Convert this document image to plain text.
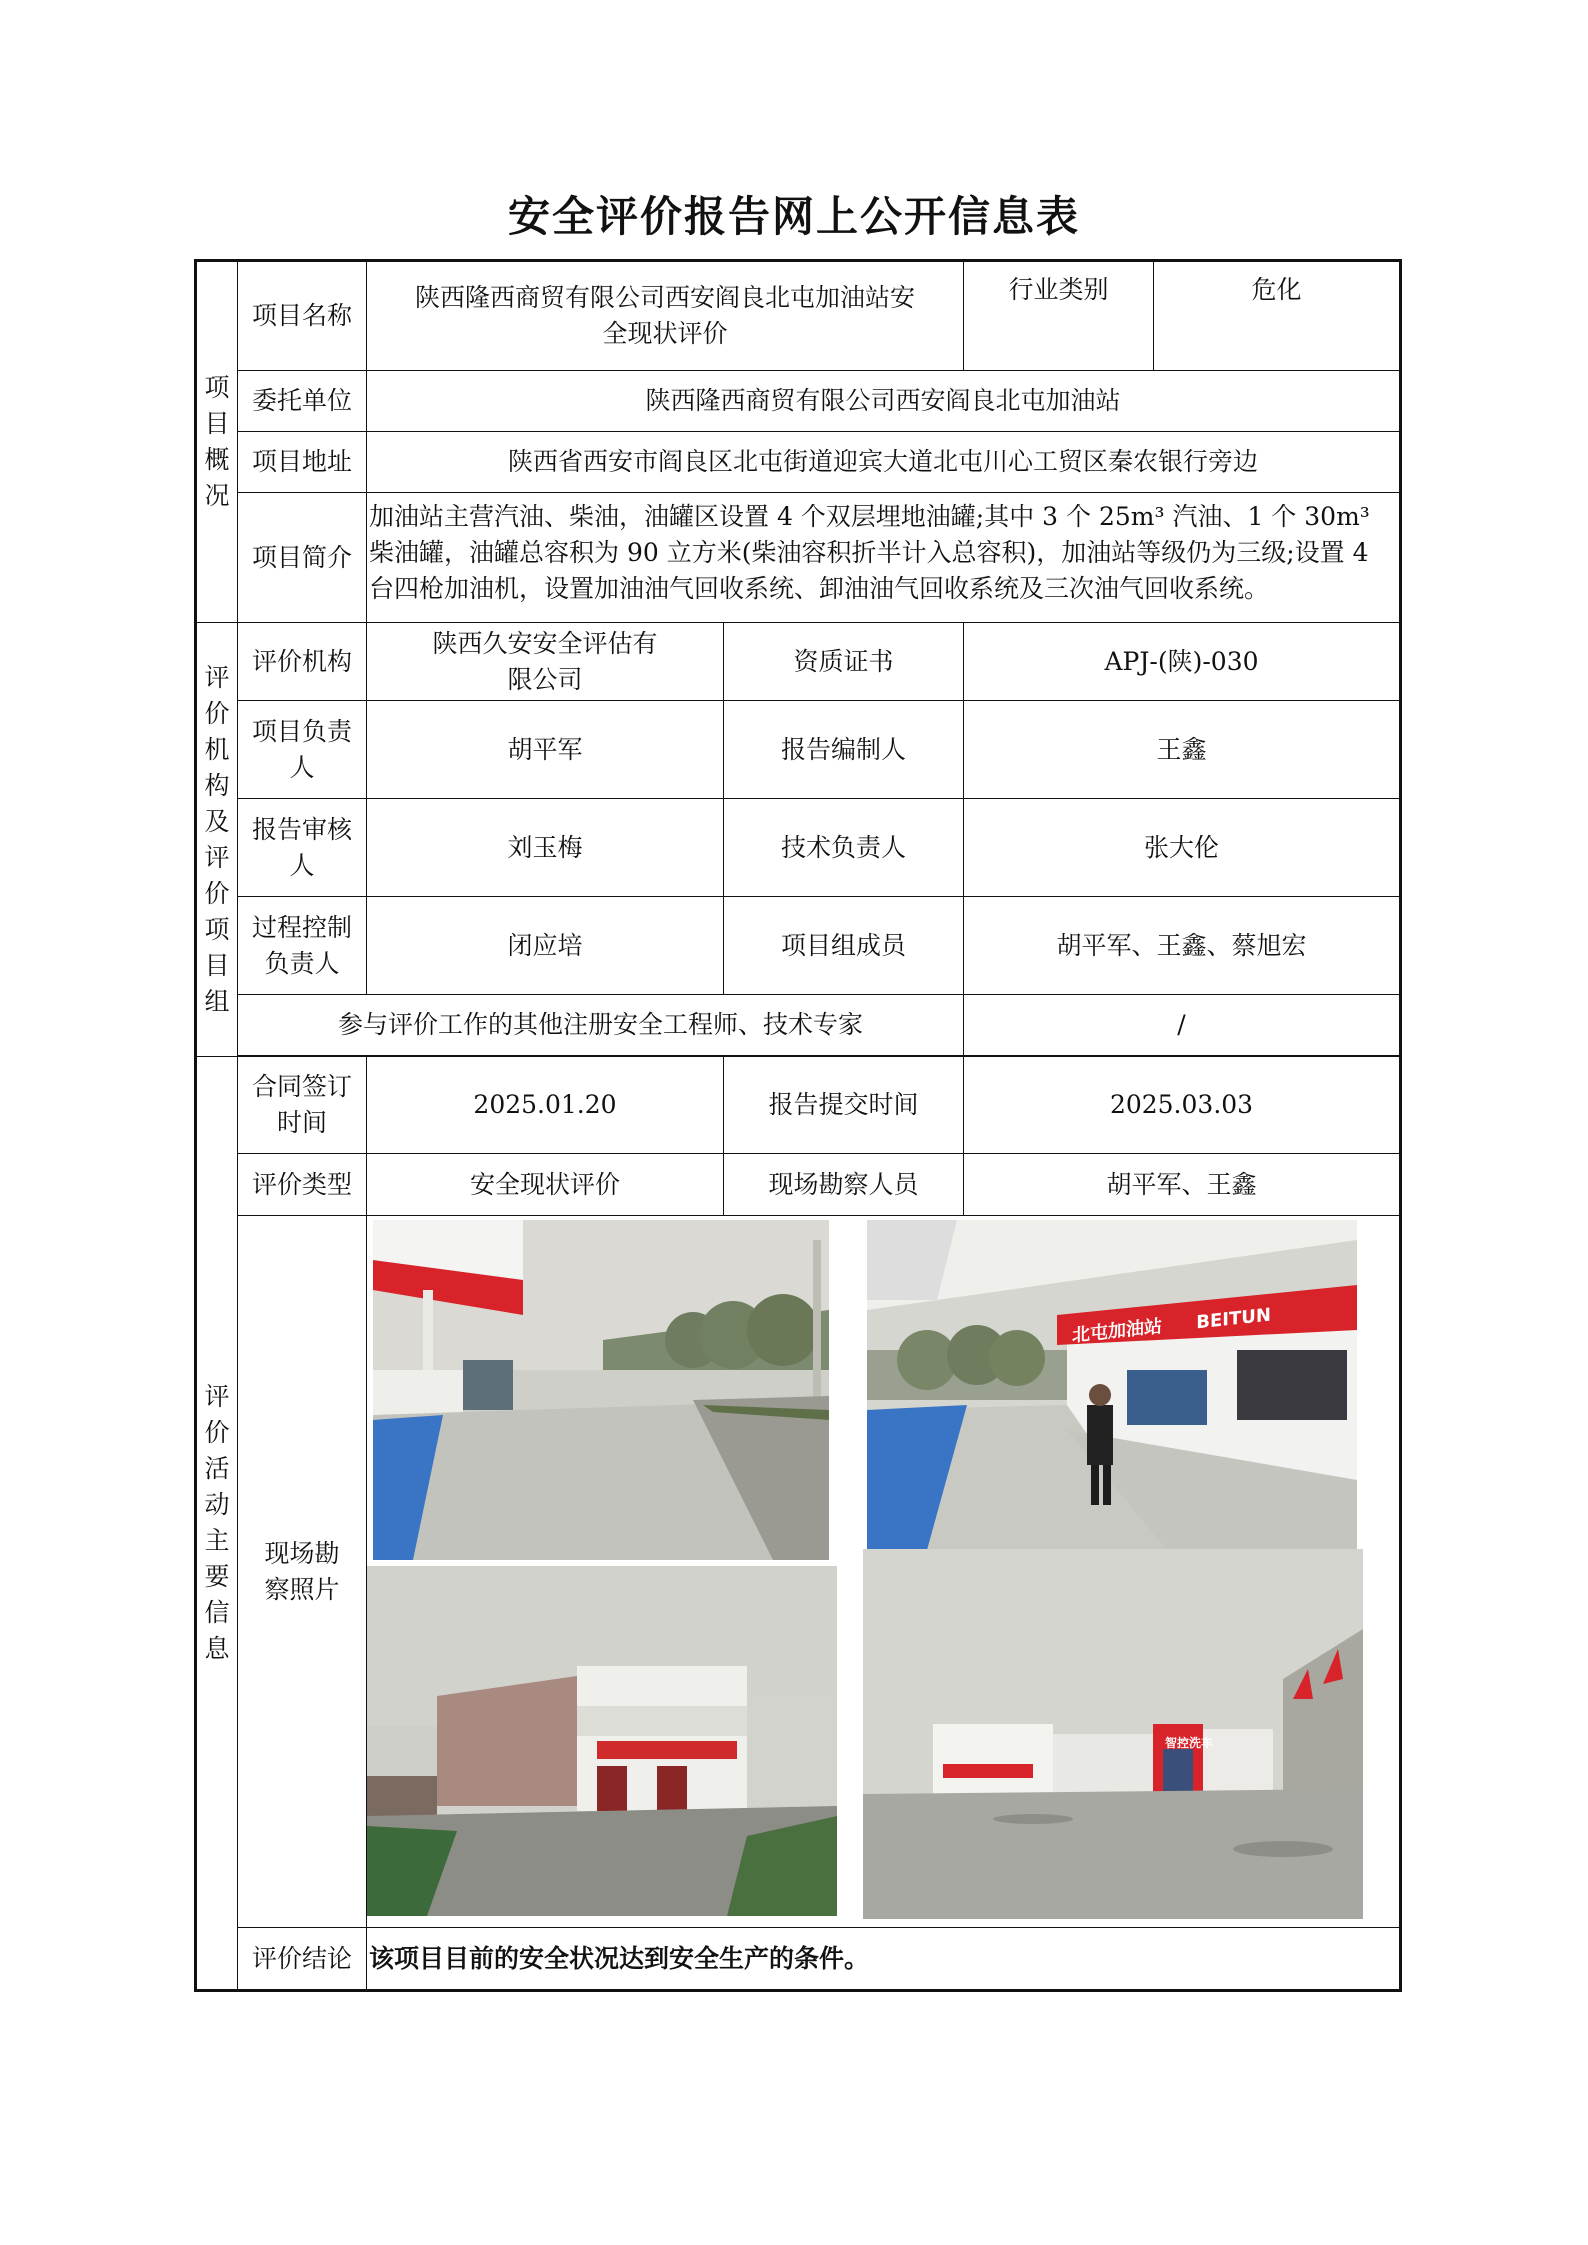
安全评价报告网上公开信息表
项目概况	项目名称	陕西隆西商贸有限公司西安阎良北屯加油站安全现状评价		行业类别	危化
	委托单位	陕西隆西商贸有限公司西安阎良北屯加油站			
	项目地址	陕西省西安市阎良区北屯街道迎宾大道北屯川心工贸区秦农银行旁边			
	项目简介	加油站主营汽油、柴油，油罐区设置 4 个双层埋地油罐;其中 3 个 25m³ 汽油、1 个 30m³ 柴油罐，油罐总容积为 90 立方米(柴油容积折半计入总容积)，加油站等级仍为三级;设置 4 台四枪加油机，设置加油油气回收系统、卸油油气回收系统及三次油气回收系统。			

评价机构及评价项目组	评价机构	陕西久安安全评估有限公司	资质证书	APJ-(陕)-030	
	项目负责人	胡平军	报告编制人	王鑫	
	报告审核人	刘玉梅	技术负责人	张大伦	
	过程控制负责人	闭应培	项目组成员	胡平军、王鑫、蔡旭宏	
	参与评价工作的其他注册安全工程师、技术专家			/	

评价活动主要信息	合同签订时间	2025.01.20	报告提交时间	2025.03.03	
	评价类型	安全现状评价	现场勘察人员	胡平军、王鑫	
	现场勘察照片	北屯加油站 BEITUN
智控洗车			

	评价结论	该项目目前的安全状况达到安全生产的条件。			
